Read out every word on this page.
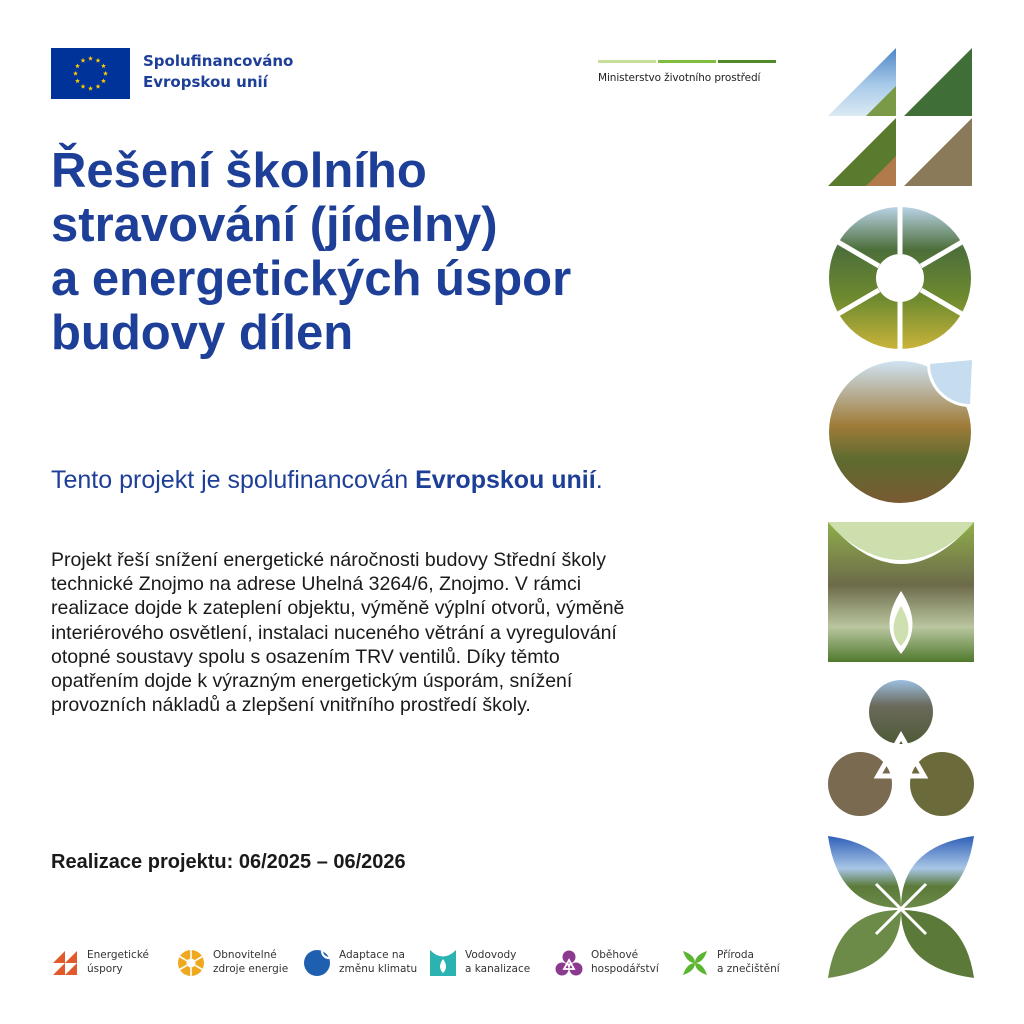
Spolufinancováno
Evropskou unií	Ministerstvo životního prostředí
Řešení školního
stravování (jídelny)
a energetických úspor
budovy dílen
Tento projekt je spolufinancován Evropskou unií.
Projekt řeší snížení energetické náročnosti budovy Střední školy
technické Znojmo na adrese Uhelná 3264/6, Znojmo. V rámci
realizace dojde k zateplení objektu, výměně výplní otvorů, výměně
interiérového osvětlení, instalaci nuceného větrání a vyregulování
otopné soustavy spolu s osazením TRV ventilů. Díky těmto
opatřením dojde k výrazným energetickým úsporám, snížení
provozních nákladů a zlepšení vnitřního prostředí školy.
Realizace projektu: 06/2025 – 06/2026
Energetické
úspory
Obnovitelné
zdroje energie
Adaptace na
změnu klimatu
Vodovody
a kanalizace
Oběhové
hospodářství
Příroda
a znečištění
